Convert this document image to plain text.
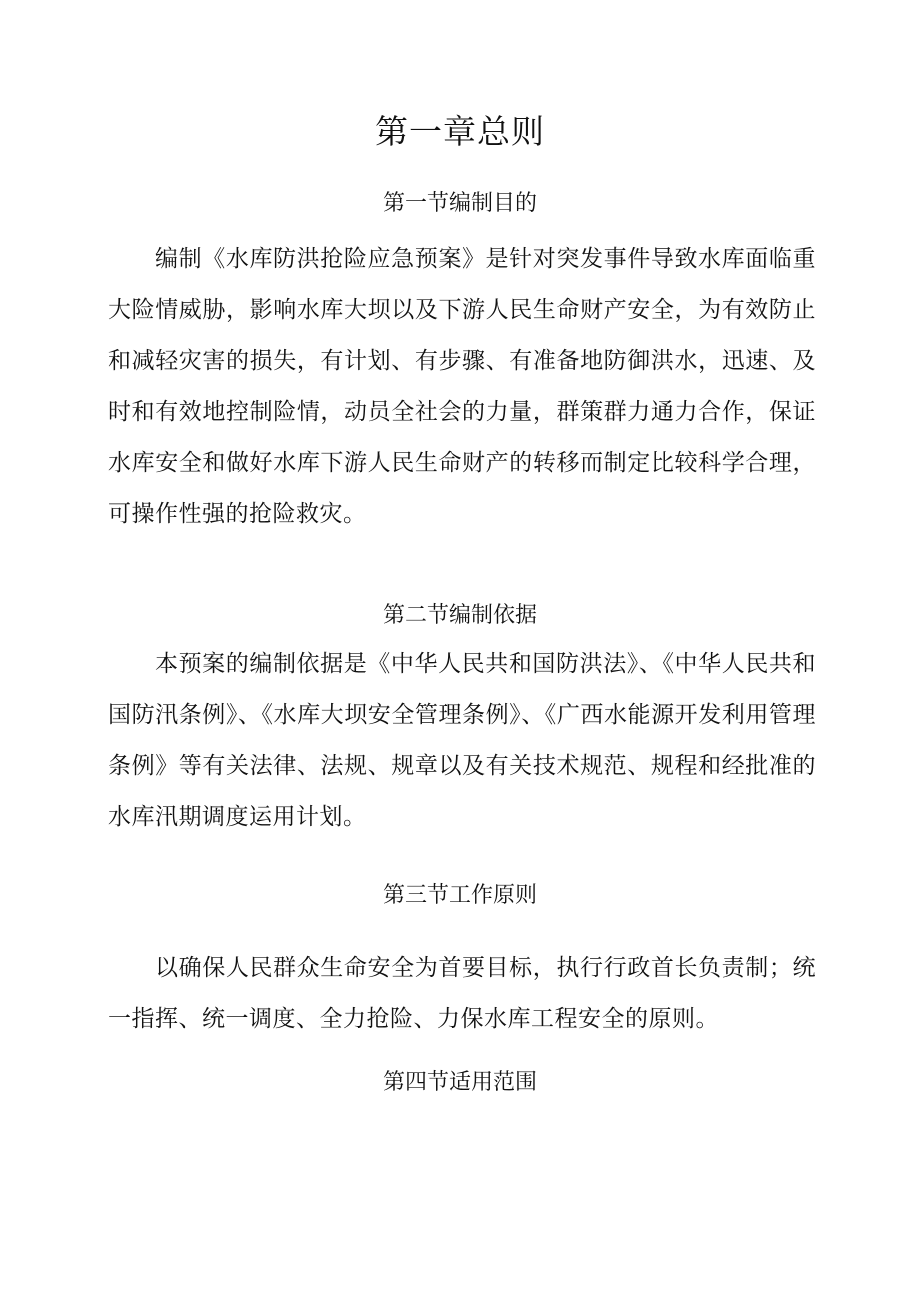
第一章总则
第一节编制目的

编制《水库防洪抢险应急预案》是针对突发事件导致水库面临重大险情威胁，影响水库大坝以及下游人民生命财产安全，为有效防止和减轻灾害的损失，有计划、有步骤、有准备地防御洪水，迅速、及时和有效地控制险情，动员全社会的力量，群策群力通力合作，保证水库安全和做好水库下游人民生命财产的转移而制定比较科学合理，可操作性强的抢险救灾。

第二节编制依据

本预案的编制依据是《中华人民共和国防洪法》、《中华人民共和国防汛条例》、《水库大坝安全管理条例》、《广西水能源开发利用管理条例》等有关法律、法规、规章以及有关技术规范、规程和经批准的水库汛期调度运用计划。

第三节工作原则

以确保人民群众生命安全为首要目标，执行行政首长负责制；统一指挥、统一调度、全力抢险、力保水库工程安全的原则。

第四节适用范围
